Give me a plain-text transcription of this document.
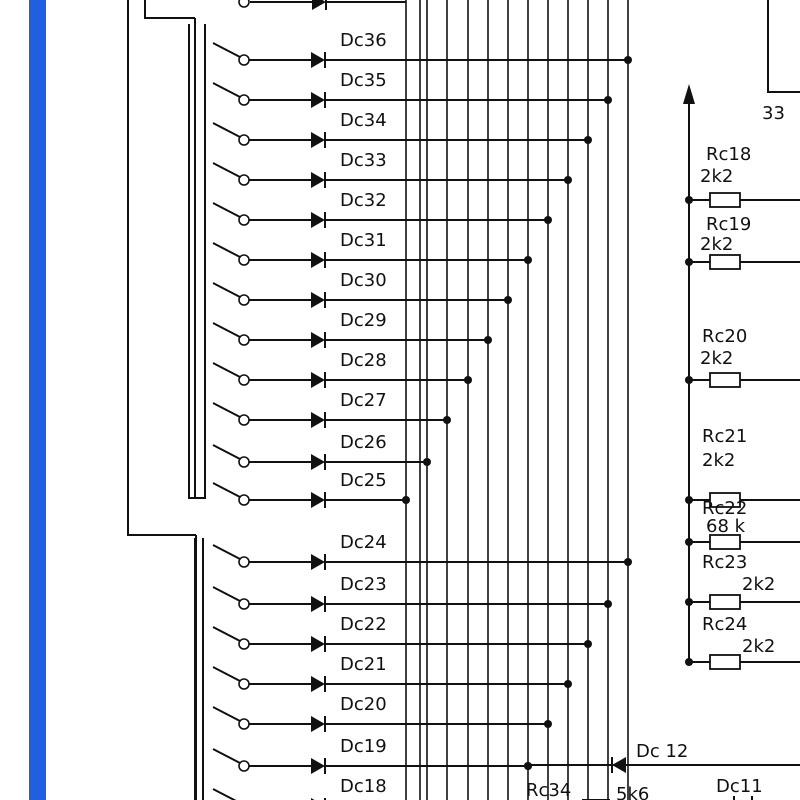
Dc36
Dc35
Dc34
Dc33
Dc32
Dc31
Dc30
Dc29
Dc28
Dc27
Dc26
Dc25
Dc24
Dc23
Dc22
Dc21
Dc20
Dc19
Dc18
Rc18
2k2
Rc19
2k2
Rc20
2k2
Rc21
2k2
Rc22
68 k
Rc23
2k2
Rc24
2k2
33
Dc 12
Rc34 5k6	Dc11
